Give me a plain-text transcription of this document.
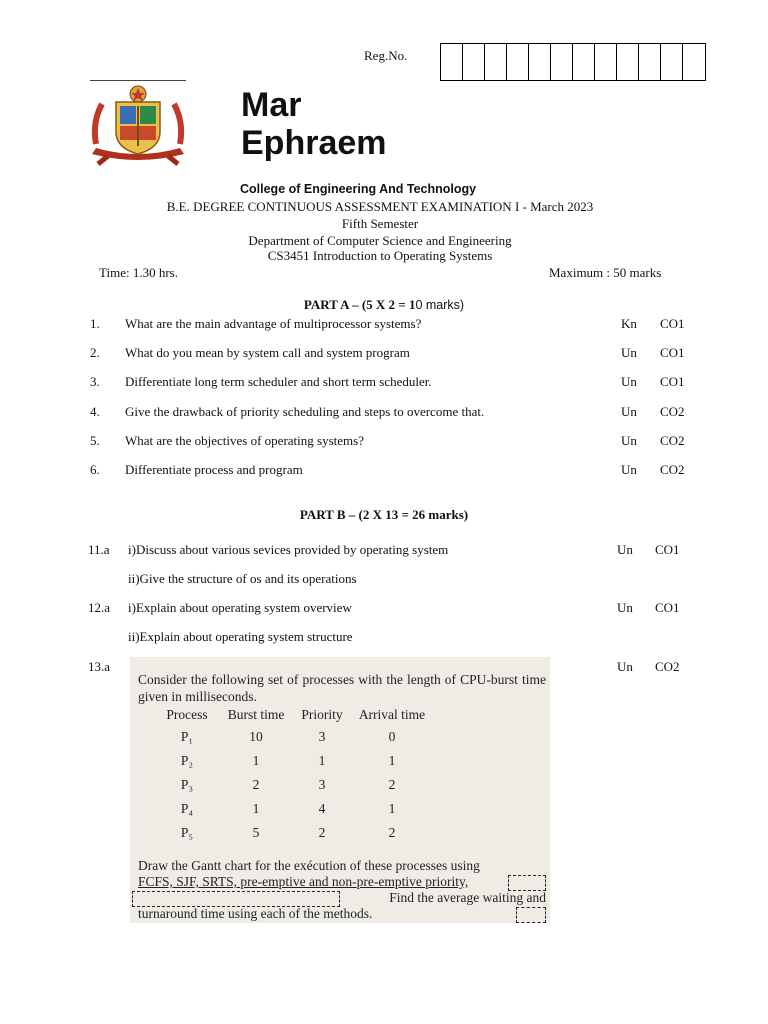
Reg.No.
Mar
Ephraem
College of Engineering And Technology
B.E. DEGREE CONTINUOUS ASSESSMENT EXAMINATION I - March 2023
Fifth Semester
Department of Computer Science and Engineering
CS3451 Introduction to Operating Systems
Time: 1.30 hrs.	Maximum : 50 marks
PART A – (5 X 2 = 10 marks)
1. What are the main advantage of multiprocessor systems?	Kn CO1
2. What do you mean by system call and system program	Un CO1
3. Differentiate long term scheduler and short term scheduler.	Un CO1
4. Give the drawback of priority scheduling and steps to overcome that.	Un CO2
5. What are the objectives of operating systems?	Un CO2
6. Differentiate process and program	Un CO2
PART B – (2 X 13 = 26 marks)
11.a i)Discuss about various sevices provided by operating system	Un CO1
ii)Give the structure of os and its operations
12.a i)Explain about operating system overview	Un CO1
ii)Explain about operating system structure
13.a	Un CO2
Consider the following set of processes with the length of CPU-burst time given in milliseconds.
Process	Burst time	Priority	Arrival time
P₁	10	3	0
P₂	1	1	1
P₃	2	3	2
P₄	1	4	1
P₅	5	2	2
Draw the Gantt chart for the exécution of these processes using
FCFS, SJF, SRTS, pre-emptive and non-pre-emptive priority,
Find the average waiting and
turnaround time using each of the methods.
